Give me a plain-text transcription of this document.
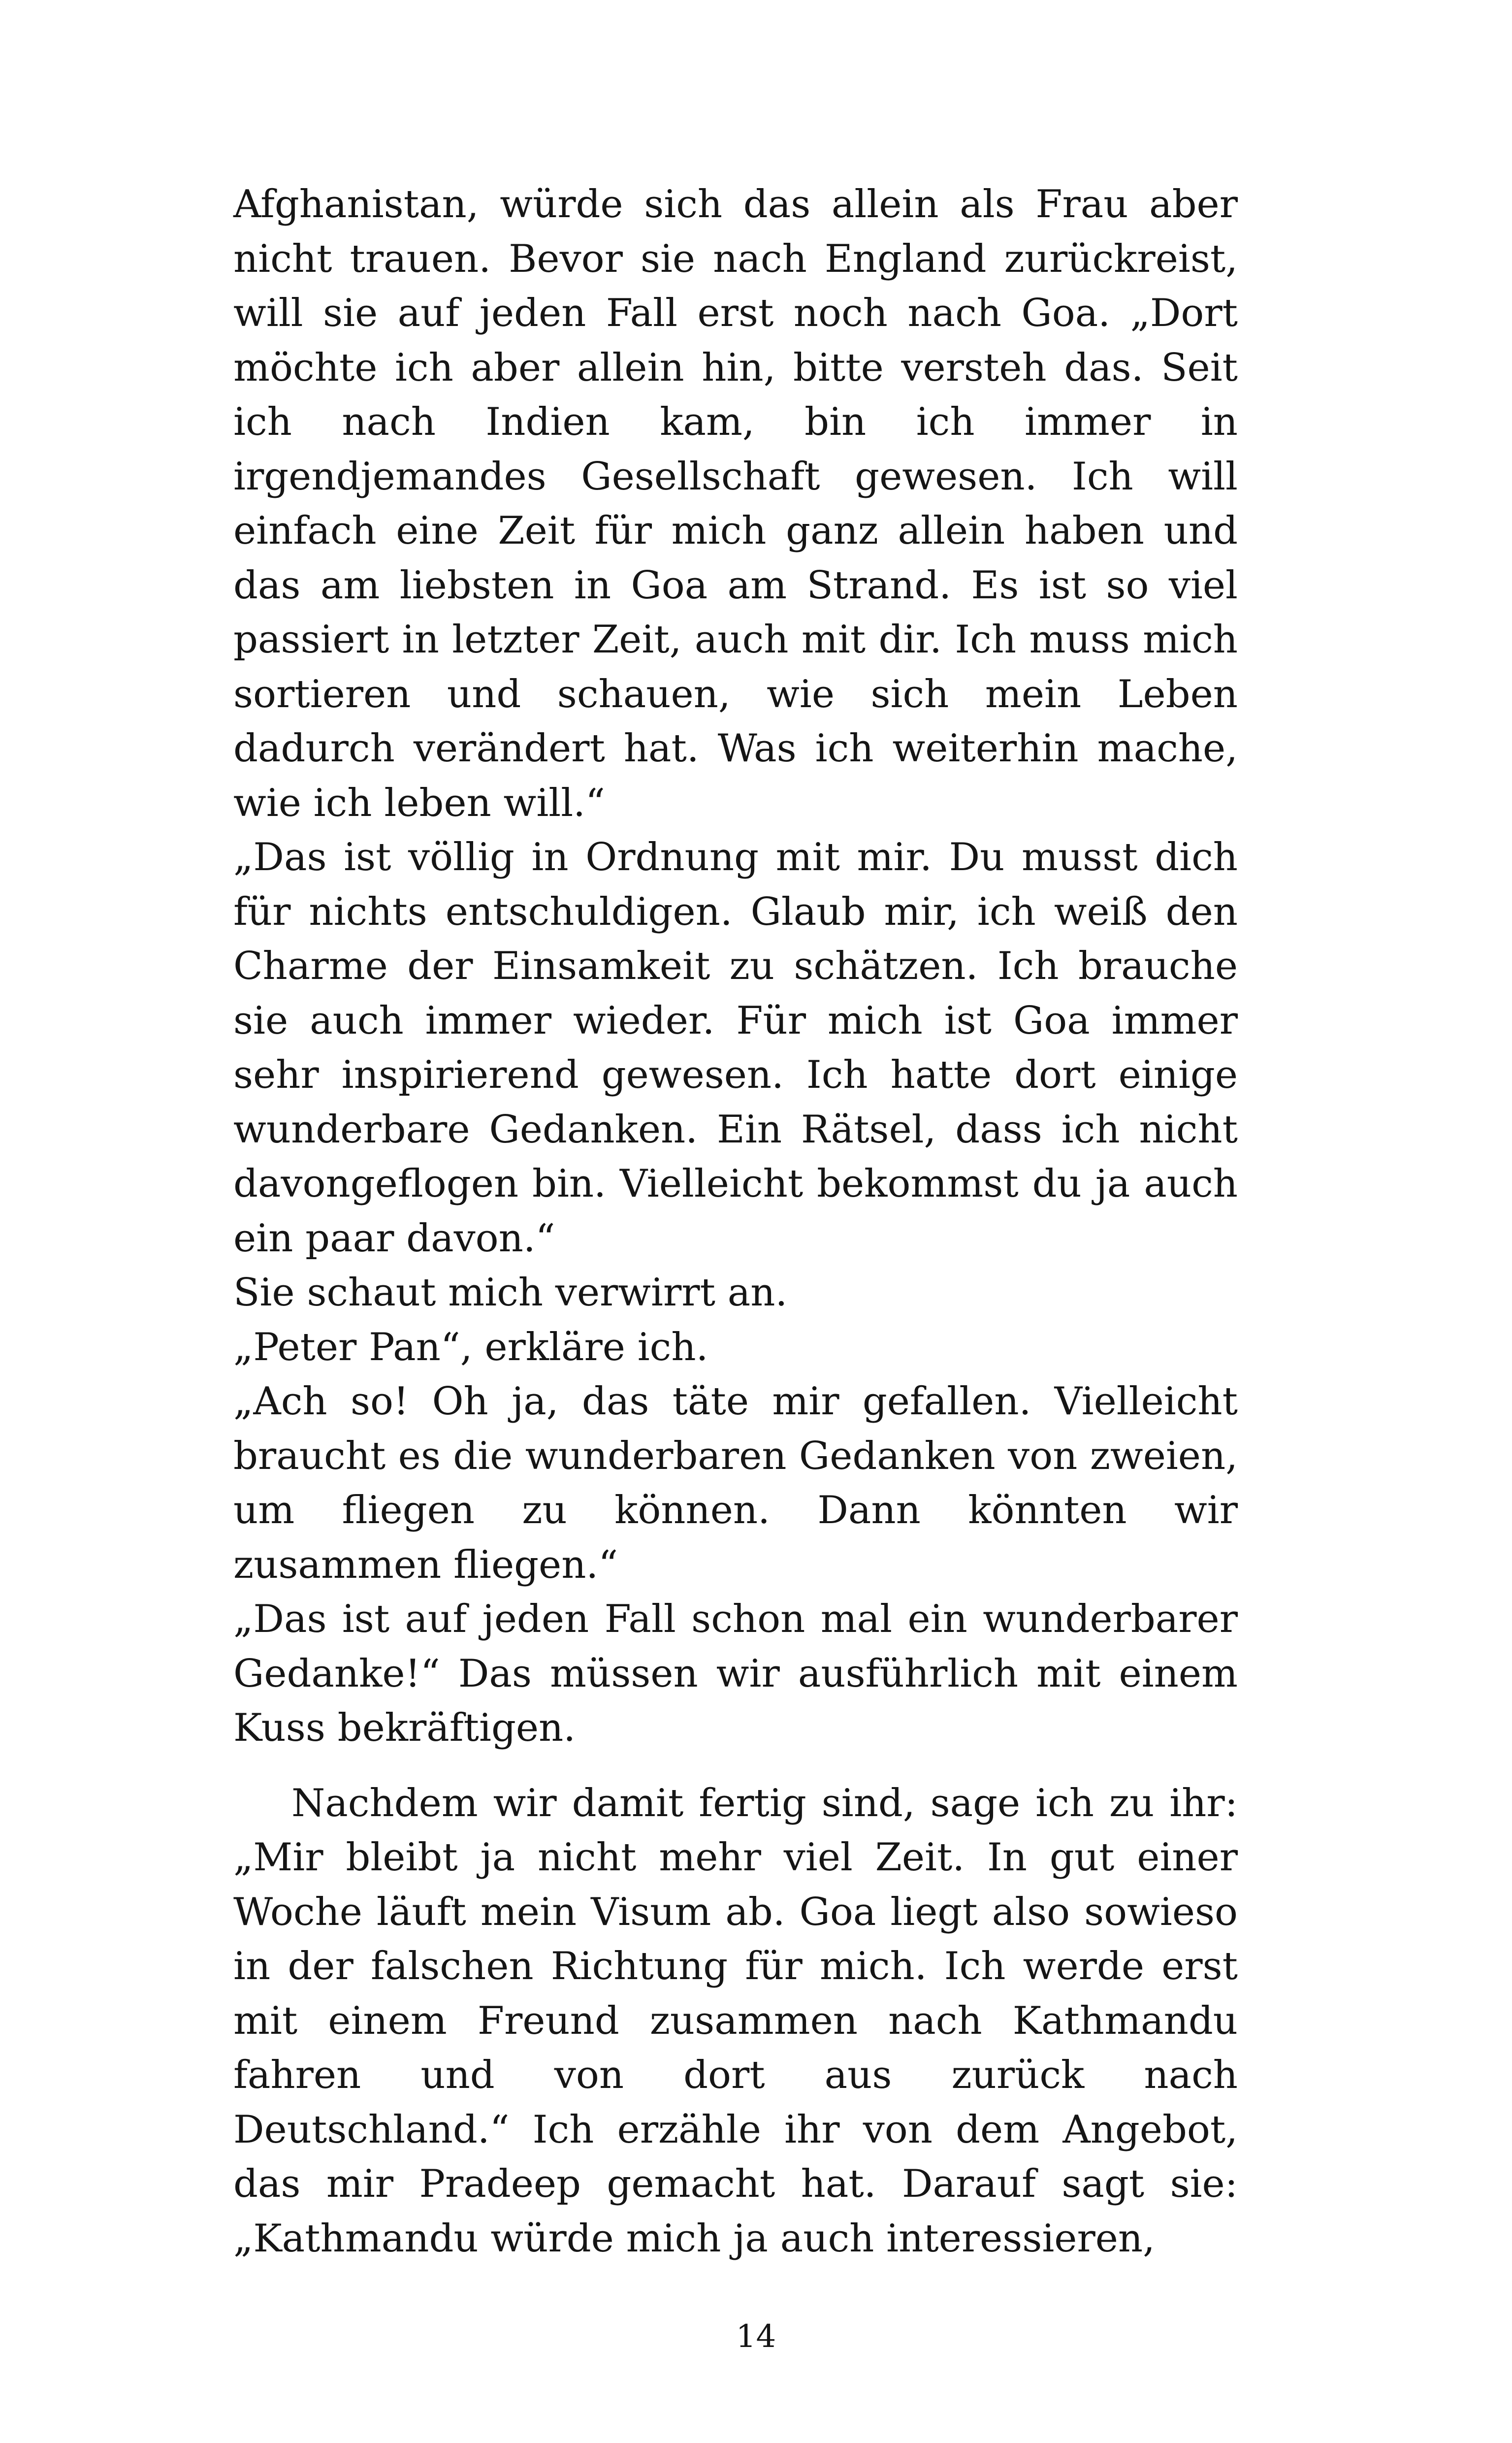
Afghanistan, würde sich das allein als Frau aber nicht trauen. Bevor sie nach England zurückreist, will sie auf jeden Fall erst noch nach Goa. „Dort möchte ich aber allein hin, bitte versteh das. Seit ich nach Indien kam, bin ich immer in irgendjemandes Gesellschaft gewesen. Ich will einfach eine Zeit für mich ganz allein haben und das am liebsten in Goa am Strand. Es ist so viel passiert in letzter Zeit, auch mit dir. Ich muss mich sortieren und schauen, wie sich mein Leben dadurch verändert hat. Was ich weiterhin mache, wie ich leben will.“

„Das ist völlig in Ordnung mit mir. Du musst dich für nichts entschuldigen. Glaub mir, ich weiß den Charme der Einsamkeit zu schätzen. Ich brauche sie auch immer wieder. Für mich ist Goa immer sehr inspirierend gewesen. Ich hatte dort einige wunderbare Gedanken. Ein Rätsel, dass ich nicht davongeflogen bin. Vielleicht bekommst du ja auch ein paar davon.“

Sie schaut mich verwirrt an.

„Peter Pan“, erkläre ich.

„Ach so! Oh ja, das täte mir gefallen. Vielleicht braucht es die wunderbaren Gedanken von zweien, um fliegen zu können. Dann könnten wir zusammen fliegen.“

„Das ist auf jeden Fall schon mal ein wunderbarer Gedanke!“ Das müssen wir ausführlich mit einem Kuss bekräftigen.

Nachdem wir damit fertig sind, sage ich zu ihr: „Mir bleibt ja nicht mehr viel Zeit. In gut einer Woche läuft mein Visum ab. Goa liegt also sowieso in der falschen Richtung für mich. Ich werde erst mit einem Freund zusammen nach Kathmandu fahren und von dort aus zurück nach Deutschland.“ Ich erzähle ihr von dem Angebot, das mir Pradeep gemacht hat. Darauf sagt sie: „Kathmandu würde mich ja auch interessieren,

14
